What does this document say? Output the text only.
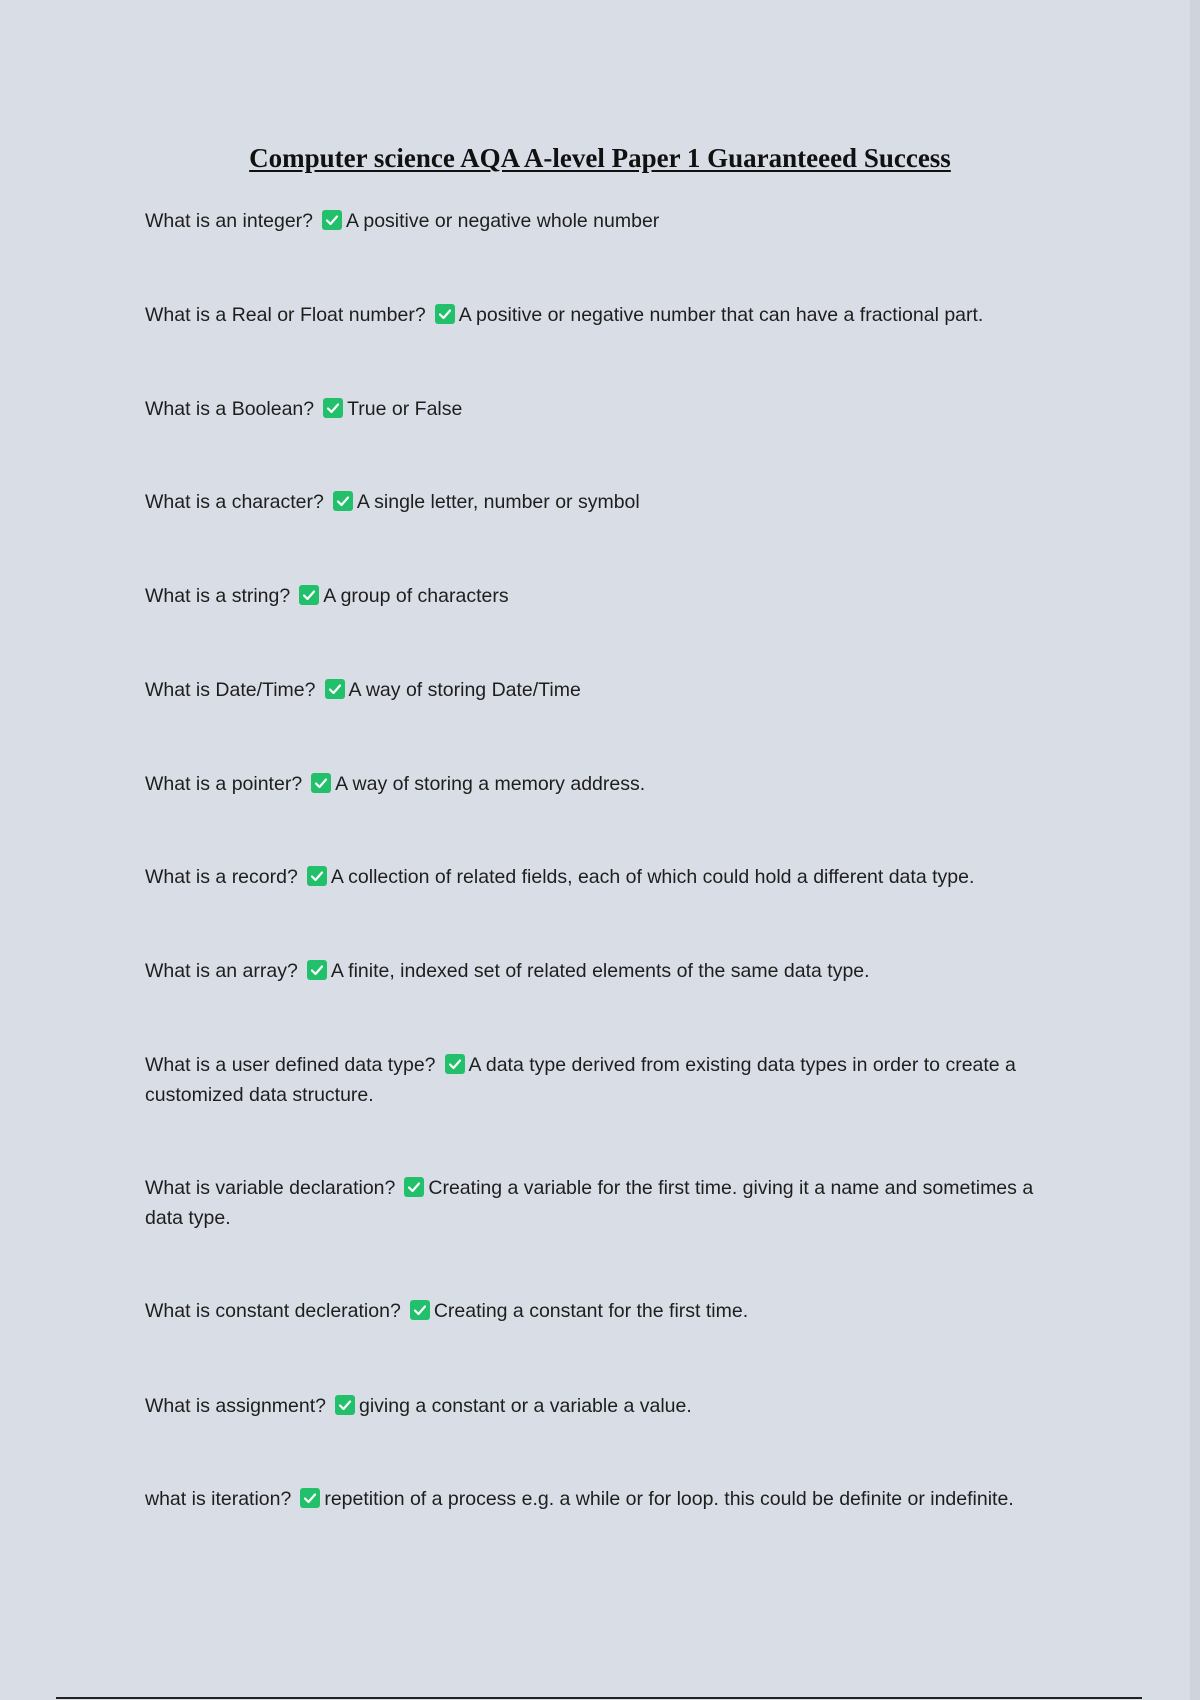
Computer science AQA A-level Paper 1 Guaranteeed Success
What is an integer? A positive or negative whole number
What is a Real or Float number? A positive or negative number that can have a fractional part.
What is a Boolean? True or False
What is a character? A single letter, number or symbol
What is a string? A group of characters
What is Date/Time? A way of storing Date/Time
What is a pointer? A way of storing a memory address.
What is a record? A collection of related fields, each of which could hold a different data type.
What is an array? A finite, indexed set of related elements of the same data type.
What is a user defined data type? A data type derived from existing data types in order to create a customized data structure.
What is variable declaration? Creating a variable for the first time. giving it a name and sometimes a data type.
What is constant decleration? Creating a constant for the first time.
What is assignment? giving a constant or a variable a value.
what is iteration? repetition of a process e.g. a while or for loop. this could be definite or indefinite.
